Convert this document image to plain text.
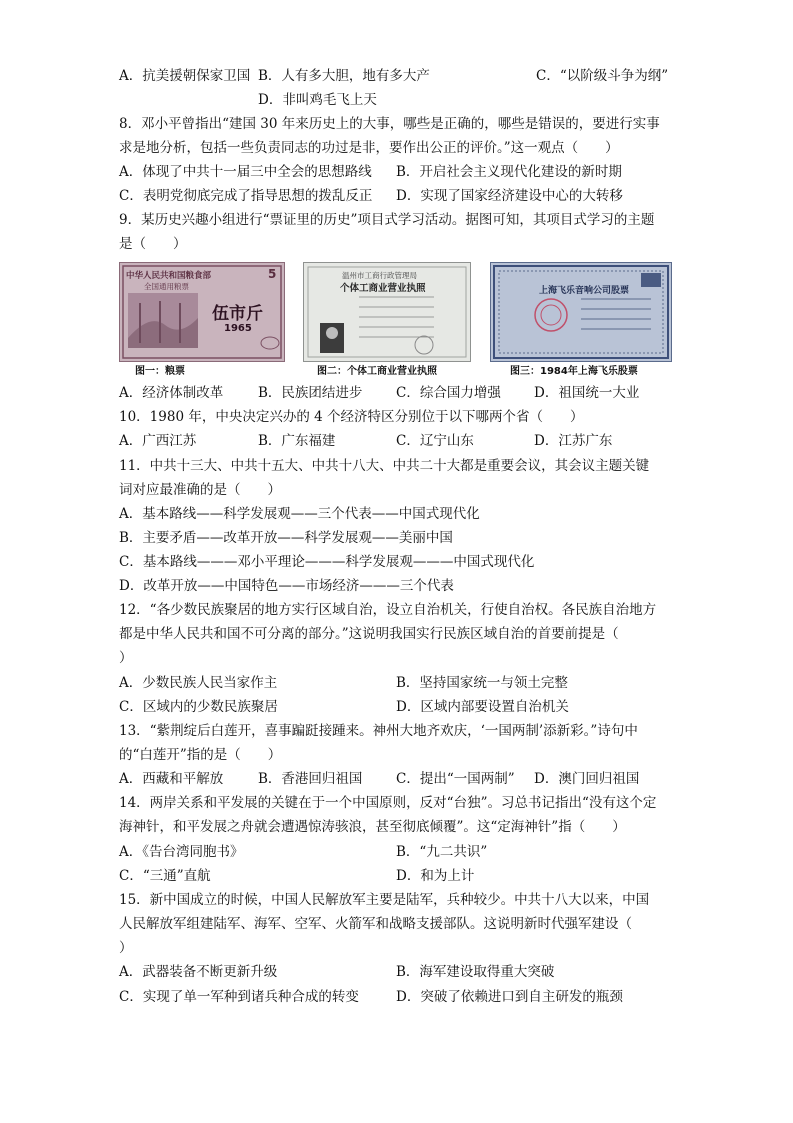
A．抗美援朝保家卫国 B．人有多大胆，地有多大产	C．“以阶级斗争为纲”
D．非叫鸡毛飞上天
8．邓小平曾指出“建国 30 年来历史上的大事，哪些是正确的，哪些是错误的，要进行实事
求是地分析，包括一些负责同志的功过是非，要作出公正的评价。”这一观点（　　）
A．体现了中共十一届三中全会的思想路线 B．开启社会主义现代化建设的新时期
C．表明党彻底完成了指导思想的拨乱反正 D．实现了国家经济建设中心的大转移
9．某历史兴趣小组进行“票证里的历史”项目式学习活动。据图可知，其项目式学习的主题
是（　　）
中华人民共和国粮食部
全国通用粮票
5
伍市斤
1965
图一：粮票
温州市工商行政管理局
个体工商业营业执照
图二：个体工商业营业执照
上海飞乐音响公司股票
图三：1984年上海飞乐股票
A．经济体制改革	B．民族团结进步 C．综合国力增强 D．祖国统一大业
10．1980 年，中央决定兴办的 4 个经济特区分别位于以下哪两个省（　　）
A．广西江苏	B．广东福建	C．辽宁山东	D．江苏广东
11．中共十三大、中共十五大、中共十八大、中共二十大都是重要会议，其会议主题关键
词对应最准确的是（　　）
A．基本路线——科学发展观——三个代表——中国式现代化
B．主要矛盾——改革开放——科学发展观——美丽中国
C．基本路线———邓小平理论———科学发展观———中国式现代化
D．改革开放——中国特色——市场经济———三个代表
12．“各少数民族聚居的地方实行区域自治，设立自治机关，行使自治权。各民族自治地方
都是中华人民共和国不可分离的部分。”这说明我国实行民族区域自治的首要前提是（
）
A．少数民族人民当家作主	B．坚持国家统一与领土完整
C．区域内的少数民族聚居	D．区域内部要设置自治机关
13．“紫荆绽后白莲开，喜事蹁跹接踵来。神州大地齐欢庆，‘一国两制’添新彩。”诗句中
的“白莲开”指的是（　　）
A．西藏和平解放	B．香港回归祖国 C．提出“一国两制” D．澳门回归祖国
14．两岸关系和平发展的关键在于一个中国原则，反对“台独”。习总书记指出“没有这个定
海神针，和平发展之舟就会遭遇惊涛骇浪，甚至彻底倾覆”。这“定海神针”指（　　）
A．《告台湾同胞书》	B．“九二共识”
C．“三通”直航	D．和为上计
15．新中国成立的时候，中国人民解放军主要是陆军，兵种较少。中共十八大以来，中国
人民解放军组建陆军、海军、空军、火箭军和战略支援部队。这说明新时代强军建设（
）
A．武器装备不断更新升级	B．海军建设取得重大突破
C．实现了单一军种到诸兵种合成的转变	D．突破了依赖进口到自主研发的瓶颈
